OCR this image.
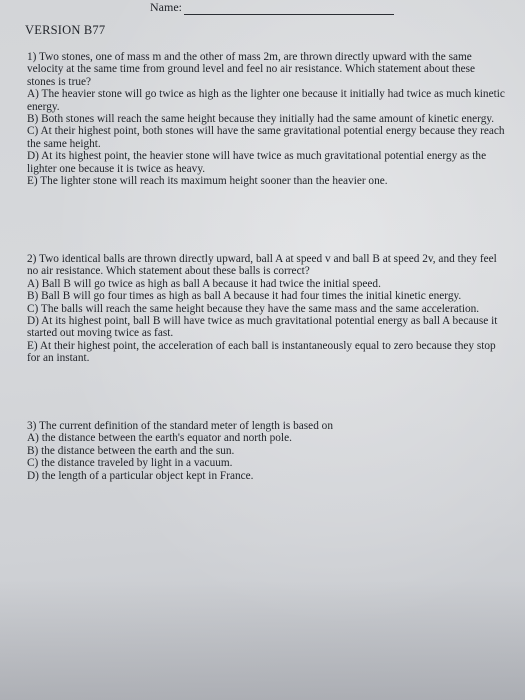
Name:
VERSION B77

1) Two stones, one of mass m and the other of mass 2m, are thrown directly upward with the same velocity at the same time from ground level and feel no air resistance. Which statement about these stones is true?

A) The heavier stone will go twice as high as the lighter one because it initially had twice as much kinetic energy.

B) Both stones will reach the same height because they initially had the same amount of kinetic energy.

C) At their highest point, both stones will have the same gravitational potential energy because they reach the same height.

D) At its highest point, the heavier stone will have twice as much gravitational potential energy as the lighter one because it is twice as heavy.

E) The lighter stone will reach its maximum height sooner than the heavier one.

2) Two identical balls are thrown directly upward, ball A at speed v and ball B at speed 2v, and they feel no air resistance. Which statement about these balls is correct?

A) Ball B will go twice as high as ball A because it had twice the initial speed.

B) Ball B will go four times as high as ball A because it had four times the initial kinetic energy.

C) The balls will reach the same height because they have the same mass and the same acceleration.

D) At its highest point, ball B will have twice as much gravitational potential energy as ball A because it started out moving twice as fast.

E) At their highest point, the acceleration of each ball is instantaneously equal to zero because they stop for an instant.

3) The current definition of the standard meter of length is based on

A) the distance between the earth's equator and north pole.

B) the distance between the earth and the sun.

C) the distance traveled by light in a vacuum.

D) the length of a particular object kept in France.
